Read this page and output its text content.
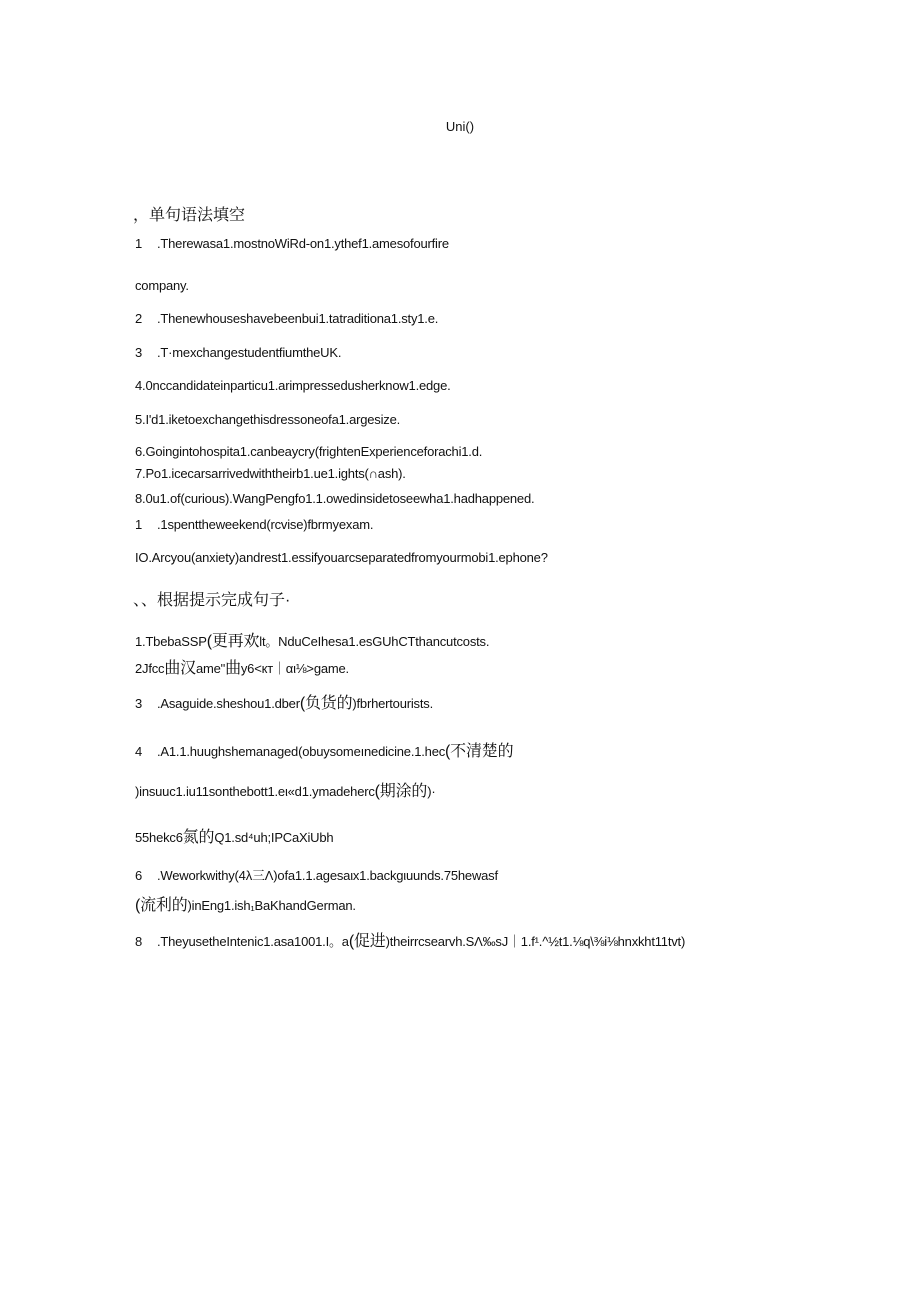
Uni()
，单句语法填空
1 .Therewasa1.mostnoWiRd-on1.ythef1.amesofourfire
company.
2 .Thenewhouseshavebeenbui1.tatraditiona1.sty1.e.
3 .T·mexchangestudentfiumtheUK.
4.0nccandidateinparticu1.arimpressedusherknow1.edge.
5.I'd1.iketoexchangethisdressoneofa1.argesize.
6.Goingintohospita1.canbeaycry(frightenExperienceforachi1.d.
7.Po1.icecarsarrivedwiththeirb1.ue1.ights(∩ash).
8.0u1.of(curious).WangPengfo1.1.owedinsidetoseewha1.hadhappened.
1 .1spenttheweekend(rcvise)fbrmyexam.
IO.Arcyou(anxiety)andrest1.essifyouarcseparatedfromyourmobi1.ephone?
、、根据提示完成句子·
1.TbebaSSP(更再欢lt。NduCeIhesa1.esGUhCTthancutcosts.
2Jfcc曲汉ame"曲y6<кт｜αι⅛>game.
3 .Asaguide.sheshou1.dber(负货的)fbrhertourists.
4 .A1.1.huughshemanaged(obuysomeınedicine.1.hec(不清楚的
)insuuc1.iu11sonthebott1.eι«d1.ymadeherc(期涂的)·
55hekc6氮的Q1.sd⁴uh;IPCaXiUbh
6 .Weworkwithy(4λ三Λ)ofa1.1.agesaιx1.backgιuunds.75hewasf
(流利的)inEng1.ish₁BaKhandGerman.
8 .TheyusetheIntenic1.asa1001.I。a(促进)theirrcsearvh.SΛ‰sJ｜1.f¹.^½t1.⅛q\⅜i⅛hnxkht11tvt)
